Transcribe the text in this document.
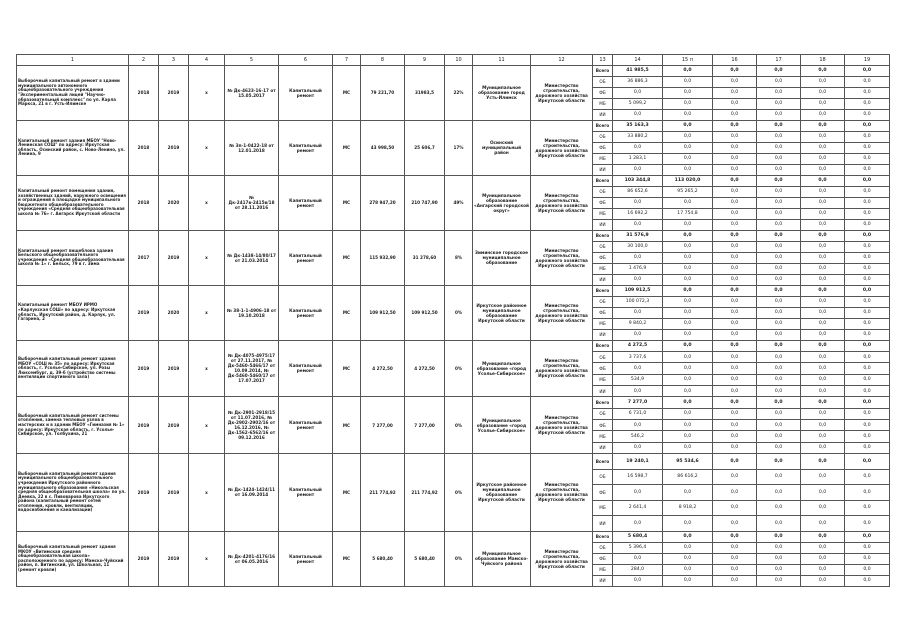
1	2	3	4	5	6	7	8	9	10	11	12	13	14	15 п	16	17	18	19
Выборочный капитальный ремонт в здании муниципального автономного общеобразовательного учреждения "Экспериментальный лицей "Научно-образовательный комплекс" по ул. Карла Маркса, 21 в г. Усть-Илимске	2018	2019	х	№ Дк-4623-16-17 от 15.05.2017	Капитальный ремонт	МС	79 221,70	31983,5	22%	Муниципальное образование город Усть-Илимск	Министерство строительства, дорожного хозяйства Иркутской области	Всего	41 985,5	0,0	0,0	0,0	0,0	0,0
												ОБ	36 886,3	0,0	0,0	0,0	0,0	0,0
												ФБ	0,0	0,0	0,0	0,0	0,0	0,0
												МБ	5 099,2	0,0	0,0	0,0	0,0	0,0
												ИИ	0,0	0,0	0,0	0,0	0,0	0,0
Капитальный ремонт здания МБОУ "Ново-Ленинская СОШ" по адресу: Иркутская область, Осинский район, с. Ново-Ленино, ул. Ленина, 9	2018	2019	х	№ Зп-1-0422-18 от 12.01.2018	Капитальный ремонт	МС	43 998,50	25 606,7	17%	Осинский муниципальный район	Министерство строительства, дорожного хозяйства Иркутской области	Всего	35 163,3	0,0	0,0	0,0	0,0	0,0
												ОБ	33 880,2	0,0	0,0	0,0	0,0	0,0
												ФБ	0,0	0,0	0,0	0,0	0,0	0,0
												МБ	1 283,1	0,0	0,0	0,0	0,0	0,0
												ИИ	0,0	0,0	0,0	0,0	0,0	0,0
Капитальный ремонт помещения здания, хозяйственных зданий, наружного освещения и ограждений в площадке муниципального бюджетного общеобразовательного учреждения «Средняя общеобразовательная школа № 76» г. Ангарск Иркутской области	2018	2020	х	№ Дк-2417в-2415в/18 от 28.11.2016	Капитальный ремонт	МС	278 947,20	210 747,90	49%	Муниципальное образование «Ангарский городской округ»	Министерство строительства, дорожного хозяйства Иркутской области	Всего	103 344,8	113 020,0	0,0	0,0	0,0	0,0
												ОБ	86 652,6	95 265,2	0,0	0,0	0,0	0,0
												ФБ	0,0	0,0	0,0	0,0	0,0	0,0
												МБ	16 692,2	17 754,8	0,0	0,0	0,0	0,0
												ИИ	0,0	0,0	0,0	0,0	0,0	0,0
Капитальный ремонт пищеблока здания Бельского общеобразовательного учреждения «Средняя общеобразовательная школа № 1» г. Бельск, 79 в г. Зима	2017	2019	х	№ Дк-1438-14/80/17 от 21.03.2014	Капитальный ремонт	МС	115 932,90	31 278,60	8%	Зиминское городское муниципальное образование	Министерство строительства, дорожного хозяйства Иркутской области	Всего	31 576,9	0,0	0,0	0,0	0,0	0,0
												ОБ	30 100,0	0,0	0,0	0,0	0,0	0,0
												ФБ	0,0	0,0	0,0	0,0	0,0	0,0
												МБ	1 476,9	0,0	0,0	0,0	0,0	0,0
												ИИ	0,0	0,0	0,0	0,0	0,0	0,0
Капитальный ремонт МБОУ ИРМО «Карлукская СОШ» по адресу: Иркутская область, Иркутский район, д. Карлук, ул. Гагарина, 2	2019	2020	х	№ 38-1-1-4906-18 от 19.10.2018	Капитальный ремонт	МС	109 912,50	109 912,50	0%	Иркутское районное муниципальное образование Иркутской области	Министерство строительства, дорожного хозяйства Иркутской области	Всего	109 912,5	0,0	0,0	0,0	0,0	0,0
												ОБ	100 072,3	0,0	0,0	0,0	0,0	0,0
												ФБ	0,0	0,0	0,0	0,0	0,0	0,0
												МБ	9 840,2	0,0	0,0	0,0	0,0	0,0
												ИИ	0,0	0,0	0,0	0,0	0,0	0,0
Выборочный капитальный ремонт здания МБОУ «СОШ № 35» по адресу: Иркутская область, г. Усолье-Сибирское, ул. Розы Люксембург, д. 39-б (устройство системы вентиляции спортивного зала)	2019	2019	х	№ Дк-4075-4975/17 от 27.11.2017, № Дк-5460-5466/17 от 10.09.2014, № Дк-5460-5460/17 от 17.07.2017	Капитальный ремонт	МС	4 272,50	4 272,50	0%	Муниципальное образование «город Усолье-Сибирское»	Министерство строительства, дорожного хозяйства Иркутской области	Всего	4 272,5	0,0	0,0	0,0	0,0	0,0
												ОБ	3 737,6	0,0	0,0	0,0	0,0	0,0
												ФБ	0,0	0,0	0,0	0,0	0,0	0,0
												МБ	534,9	0,0	0,0	0,0	0,0	0,0
												ИИ	0,0	0,0	0,0	0,0	0,0	0,0
Выборочный капитальный ремонт системы отопления, замена тепловых узлов в мастерских и в здании МБОУ «Гимназия № 1» по адресу: Иркутская область, г. Усолье-Сибирское, ул. Толбухина, 21	2019	2019	х	№ Дк-2901-2918/15 от 11.07.2016, № Дк-2902-2902/16 от 16.12.2016, № Дк-1562-6562/16 от 09.12.2016	Капитальный ремонт	МС	7 277,00	7 277,00	0%	Муниципальное образование «город Усолье-Сибирское»	Министерство строительства, дорожного хозяйства Иркутской области	Всего	7 277,0	0,0	0,0	0,0	0,0	0,0
												ОБ	6 731,0	0,0	0,0	0,0	0,0	0,0
												ФБ	0,0	0,0	0,0	0,0	0,0	0,0
												МБ	546,2	0,0	0,0	0,0	0,0	0,0
												ИИ	0,0	0,0	0,0	0,0	0,0	0,0
Выборочный капитальный ремонт здания муниципального общеобразовательного учреждения Иркутского районного муниципального образования «Никольская средняя общеобразовательная школа» по ул. Деевка, 22 в с. Пивоварова Иркутского района (капитальный ремонт сетей отопления, кровли, вентиляции, водоснабжения и канализации)	2019	2019	х	№ Дк-1424-1424/11 от 16.09.2014	Капитальный ремонт	МС	211 774,92	211 774,92	0%	Иркутское районное муниципальное образование Иркутской области	Министерство строительства, дорожного хозяйства Иркутской области	Всего	19 240,1	95 534,6	0,0	0,0	0,0	0,0
												ОБ	16 598,7	86 616,2	0,0	0,0	0,0	0,0
												ФБ	0,0	0,0	0,0	0,0	0,0	0,0
												МБ	2 641,4	8 918,2	0,0	0,0	0,0	0,0
												ИИ	0,0	0,0	0,0	0,0	0,0	0,0
Выборочный капитальный ремонт здания МКОУ «Витимская средняя общеобразовательная школа» расположенного по адресу: Мамско-Чуйский район, п. Витимский, ул. Школьная, 11 (ремонт кровли)	2019	2019	х	№ Дк-4201-4176/16 от 06.05.2016	Капитальный ремонт	МС	5 680,40	5 680,40	0%	Муниципальное образование Мамско-Чуйского района	Министерство строительства, дорожного хозяйства Иркутской области	Всего	5 680,4	0,0	0,0	0,0	0,0	0,0
												ОБ	5 396,4	0,0	0,0	0,0	0,0	0,0
												ФБ	0,0	0,0	0,0	0,0	0,0	0,0
												МБ	284,0	0,0	0,0	0,0	0,0	0,0
												ИИ	0,0	0,0	0,0	0,0	0,0	0,0
